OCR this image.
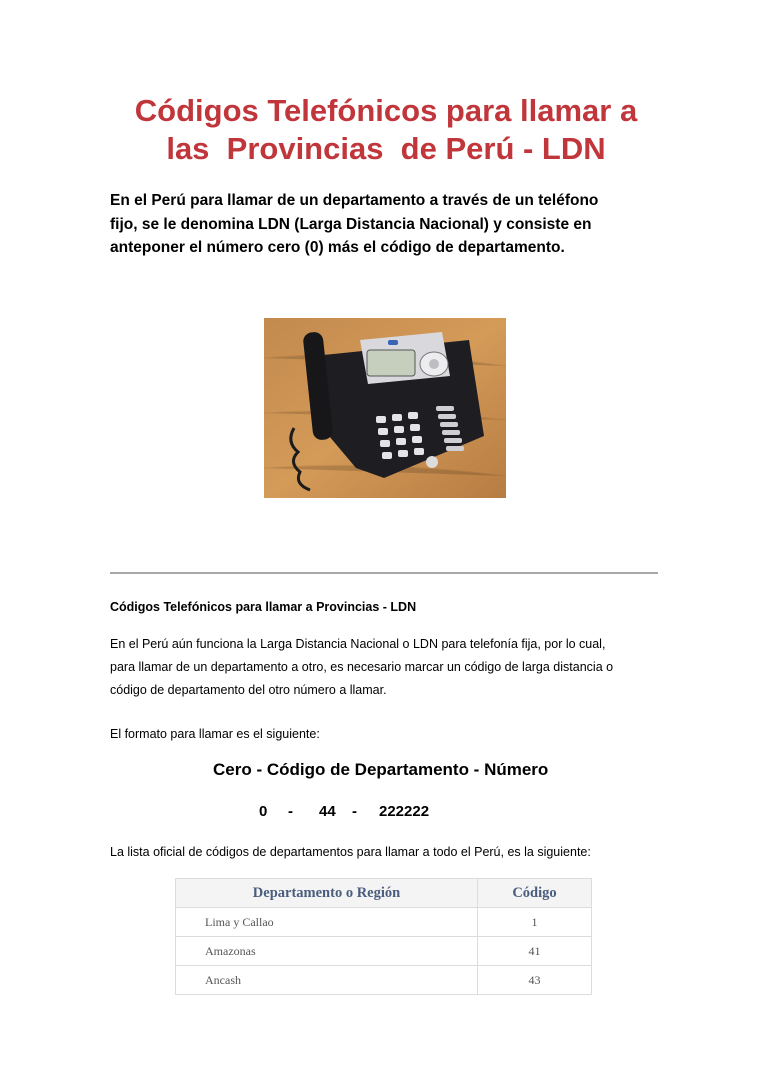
Códigos Telefónicos para llamar a
las  Provincias  de Perú - LDN
En el Perú para llamar de un departamento a través de un teléfono
fijo, se le denomina LDN (Larga Distancia Nacional) y consiste en
anteponer el número cero (0) más el código de departamento.
Códigos Telefónicos para llamar a Provincias - LDN
En el Perú aún funciona la Larga Distancia Nacional o LDN para telefonía fija, por lo cual,
para llamar de un departamento a otro, es necesario marcar un código de larga distancia o
código de departamento del otro número a llamar.
El formato para llamar es el siguiente:
Cero - Código de Departamento - Número
0 - 44 - 222222
La lista oficial de códigos de departamentos para llamar a todo el Perú, es la siguiente:
Departamento o Región	Código
Lima y Callao	1
Amazonas	41
Ancash	43
